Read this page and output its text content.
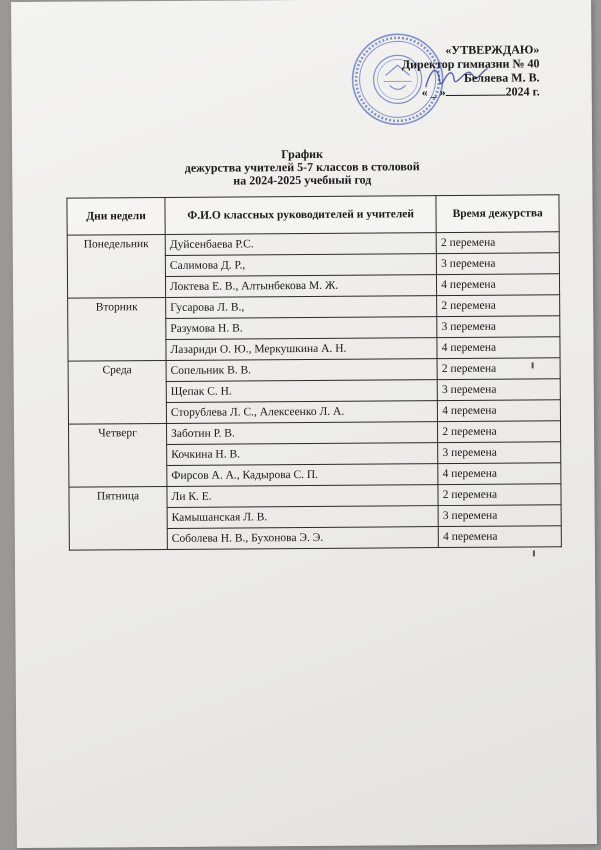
«УТВЕРЖДАЮ»
Директор гимназии № 40
Беляева М. В.
« _ »	2024 г.
График
дежурства учителей 5-7 классов в столовой
на 2024-2025 учебный год
Дни недели	Ф.И.О классных руководителей и учителей	Время дежурства
Понедельник	Дуйсенбаева Р.С.	2 перемена
	Салимова Д. Р.,	3 перемена
	Локтева Е. В., Алтынбекова М. Ж.	4 перемена
Вторник	Гусарова Л. В.,	2 перемена
	Разумова Н. В.	3 перемена
	Лазариди О. Ю., Меркушкина А. Н.	4 перемена
Среда	Сопельник В. В.	2 перемена
	Щепак С. Н.	3 перемена
	Сторублева Л. С., Алексеенко Л. А.	4 перемена
Четверг	Заботин Р. В.	2 перемена
	Кочкина Н. В.	3 перемена
	Фирсов А. А., Кадырова С. П.	4 перемена
Пятница	Ли К. Е.	2 перемена
	Камышанская Л. В.	3 перемена
	Соболева Н. В., Бухонова Э. Э.	4 перемена
